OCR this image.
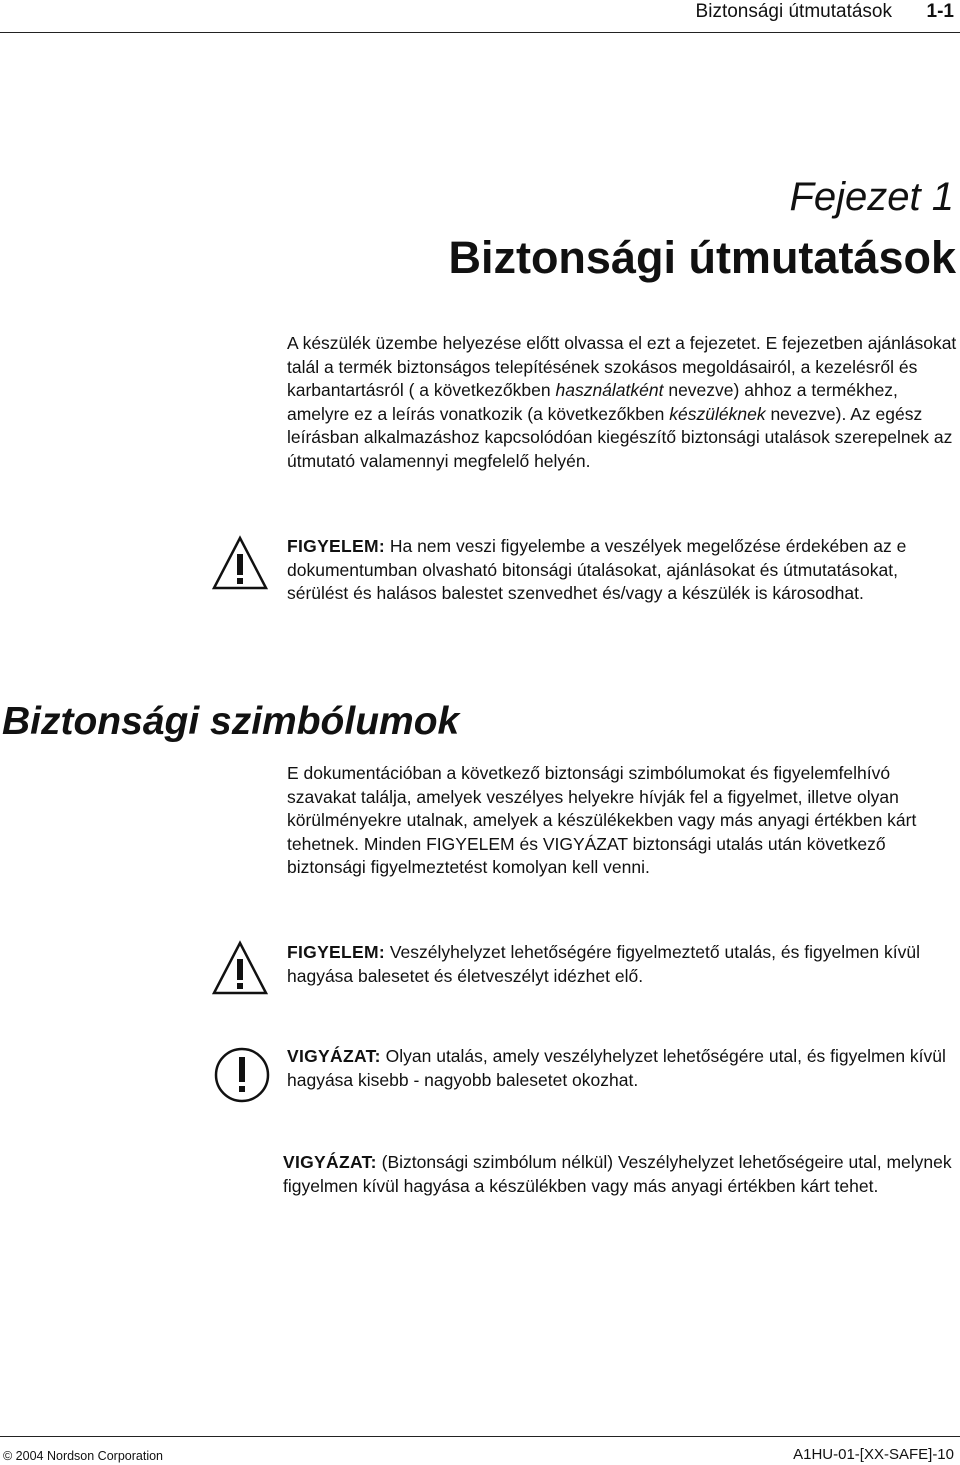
Biztonsági útmutatások 1-1
Fejezet 1
Biztonsági útmutatások

A készülék üzembe helyezése előtt olvassa el ezt a fejezetet. E fejezetben ajánlásokat talál a termék biztonságos telepítésének szokásos megoldásairól, a kezelésről és karbantartásról ( a következőkben használatként nevezve) ahhoz a termékhez, amelyre ez a leírás vonatkozik (a következőkben készüléknek nevezve). Az egész leírásban alkalmazáshoz kapcsolódóan kiegészítő biztonsági utalások szerepelnek az útmutató valamennyi megfelelő helyén.

FIGYELEM: Ha nem veszi figyelembe a veszélyek megelőzése érdekében az e dokumentumban olvasható bitonsági útalásokat, ajánlásokat és útmutatásokat, sérülést és halásos balestet szenvedhet és/vagy a készülék is károsodhat.

Biztonsági szimbólumok

E dokumentációban a következő biztonsági szimbólumokat és figyelemfelhívó szavakat találja, amelyek veszélyes helyekre hívják fel a figyelmet, illetve olyan körülményekre utalnak, amelyek a készülékekben vagy más anyagi értékben kárt tehetnek. Minden FIGYELEM és VIGYÁZAT biztonsági utalás után következő biztonsági figyelmeztetést komolyan kell venni.

FIGYELEM: Veszélyhelyzet lehetőségére figyelmeztető utalás, és figyelmen kívül hagyása balesetet és életveszélyt idézhet elő.

VIGYÁZAT: Olyan utalás, amely veszélyhelyzet lehetőségére utal, és figyelmen kívül hagyása kisebb - nagyobb balesetet okozhat.

VIGYÁZAT: (Biztonsági szimbólum nélkül) Veszélyhelyzet lehetőségeire utal, melynek figyelmen kívül hagyása a készülékben vagy más anyagi értékben kárt tehet.

© 2004 Nordson Corporation	A1HU-01-[XX-SAFE]-10
